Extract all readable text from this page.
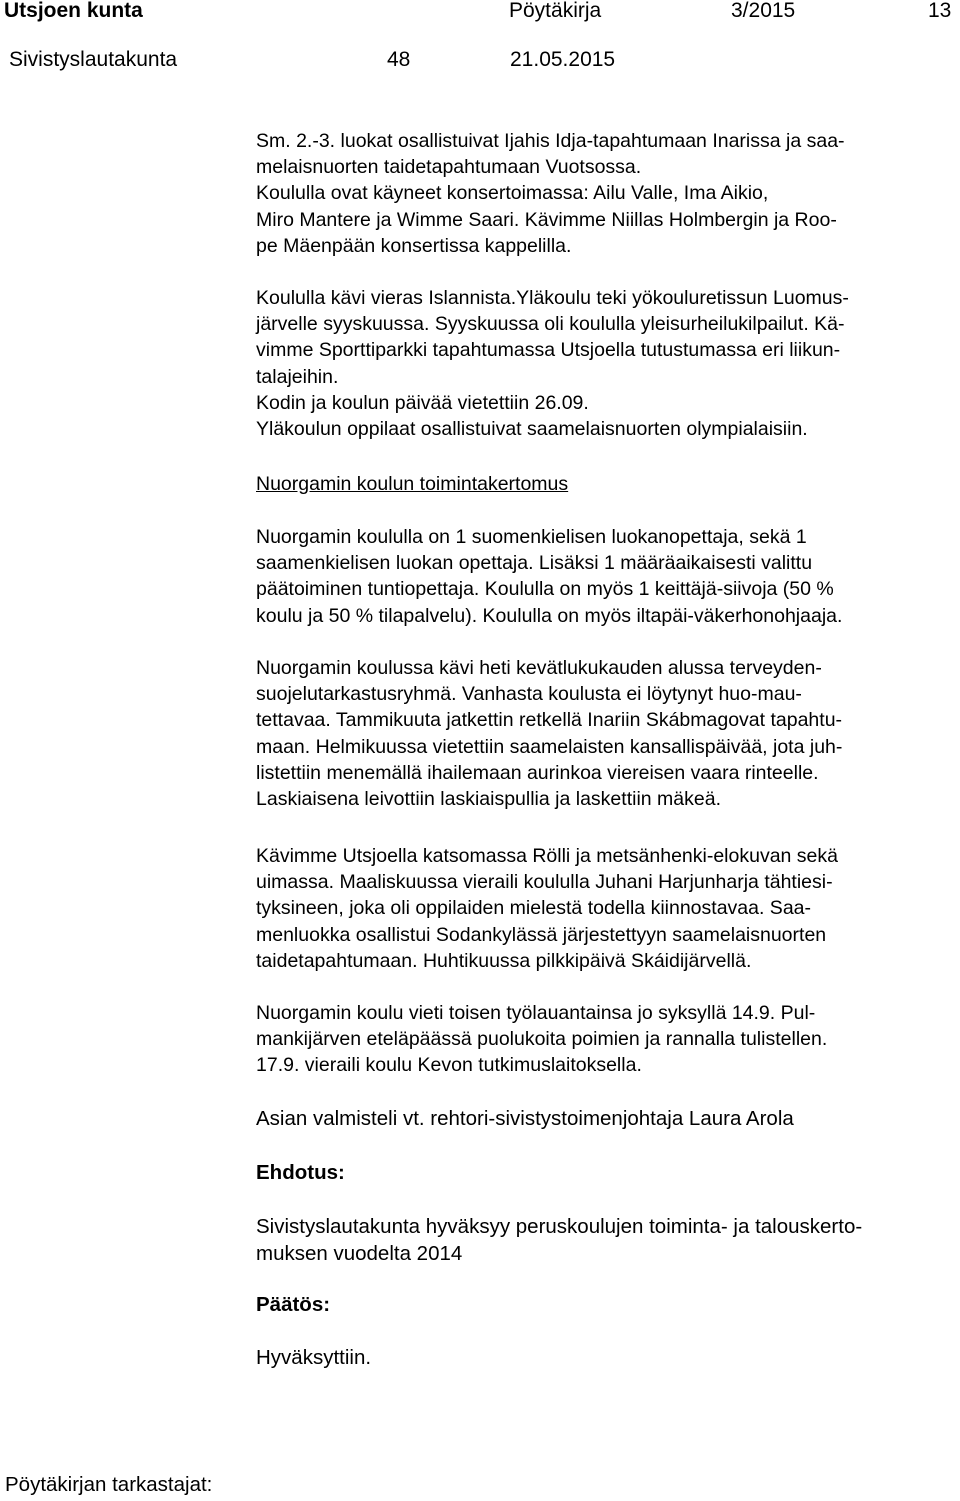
Utsjoen kunta	Pöytäkirja	3/2015	13
Sivistyslautakunta	48	21.05.2015
Sm. 2.-3. luokat osallistuivat Ijahis Idja-tapahtumaan Inarissa ja saa-
melaisnuorten taidetapahtumaan Vuotsossa.
Koululla ovat käyneet konsertoimassa: Ailu Valle, Ima Aikio,
Miro Mantere ja Wimme Saari. Kävimme Niillas Holmbergin ja Roo-
pe Mäenpään konsertissa kappelilla.
Koululla kävi vieras Islannista.Yläkoulu teki yökouluretissun Luomus-
järvelle syyskuussa. Syyskuussa oli koululla yleisurheilukilpailut. Kä-
vimme Sporttiparkki tapahtumassa Utsjoella tutustumassa eri liikun-
talajeihin.
Kodin ja koulun päivää vietettiin 26.09.
Yläkoulun oppilaat osallistuivat saamelaisnuorten olympialaisiin.
Nuorgamin koulun toimintakertomus
Nuorgamin koululla on 1 suomenkielisen luokanopettaja, sekä 1
saamenkielisen luokan opettaja. Lisäksi 1 määräaikaisesti valittu
päätoiminen tuntiopettaja. Koululla on myös 1 keittäjä-siivoja (50 %
koulu ja 50 % tilapalvelu). Koululla on myös iltapäi-väkerhonohjaaja.
Nuorgamin koulussa kävi heti kevätlukukauden alussa terveyden-
suojelutarkastusryhmä. Vanhasta koulusta ei löytynyt huo-mau-
tettavaa. Tammikuuta jatkettin retkellä Inariin Skábmagovat tapahtu-
maan. Helmikuussa vietettiin saamelaisten kansallispäivää, jota juh-
listettiin menemällä ihailemaan aurinkoa viereisen vaara rinteelle.
Laskiaisena leivottiin laskiaispullia ja laskettiin mäkeä.
Kävimme Utsjoella katsomassa Rölli ja metsänhenki-elokuvan sekä
uimassa. Maaliskuussa vieraili koululla Juhani Harjunharja tähtiesi-
tyksineen, joka oli oppilaiden mielestä todella kiinnostavaa. Saa-
menluokka osallistui Sodankylässä järjestettyyn saamelaisnuorten
taidetapahtumaan. Huhtikuussa pilkkipäivä Skáidijärvellä.
Nuorgamin koulu vieti toisen työlauantainsa jo syksyllä 14.9. Pul-
mankijärven eteläpäässä puolukoita poimien ja rannalla tulistellen.
17.9. vieraili koulu Kevon tutkimuslaitoksella.
Asian valmisteli vt. rehtori-sivistystoimenjohtaja Laura Arola
Ehdotus:
Sivistyslautakunta hyväksyy peruskoulujen toiminta- ja talouskerto-
muksen vuodelta 2014
Päätös:
Hyväksyttiin.
Pöytäkirjan tarkastajat:
